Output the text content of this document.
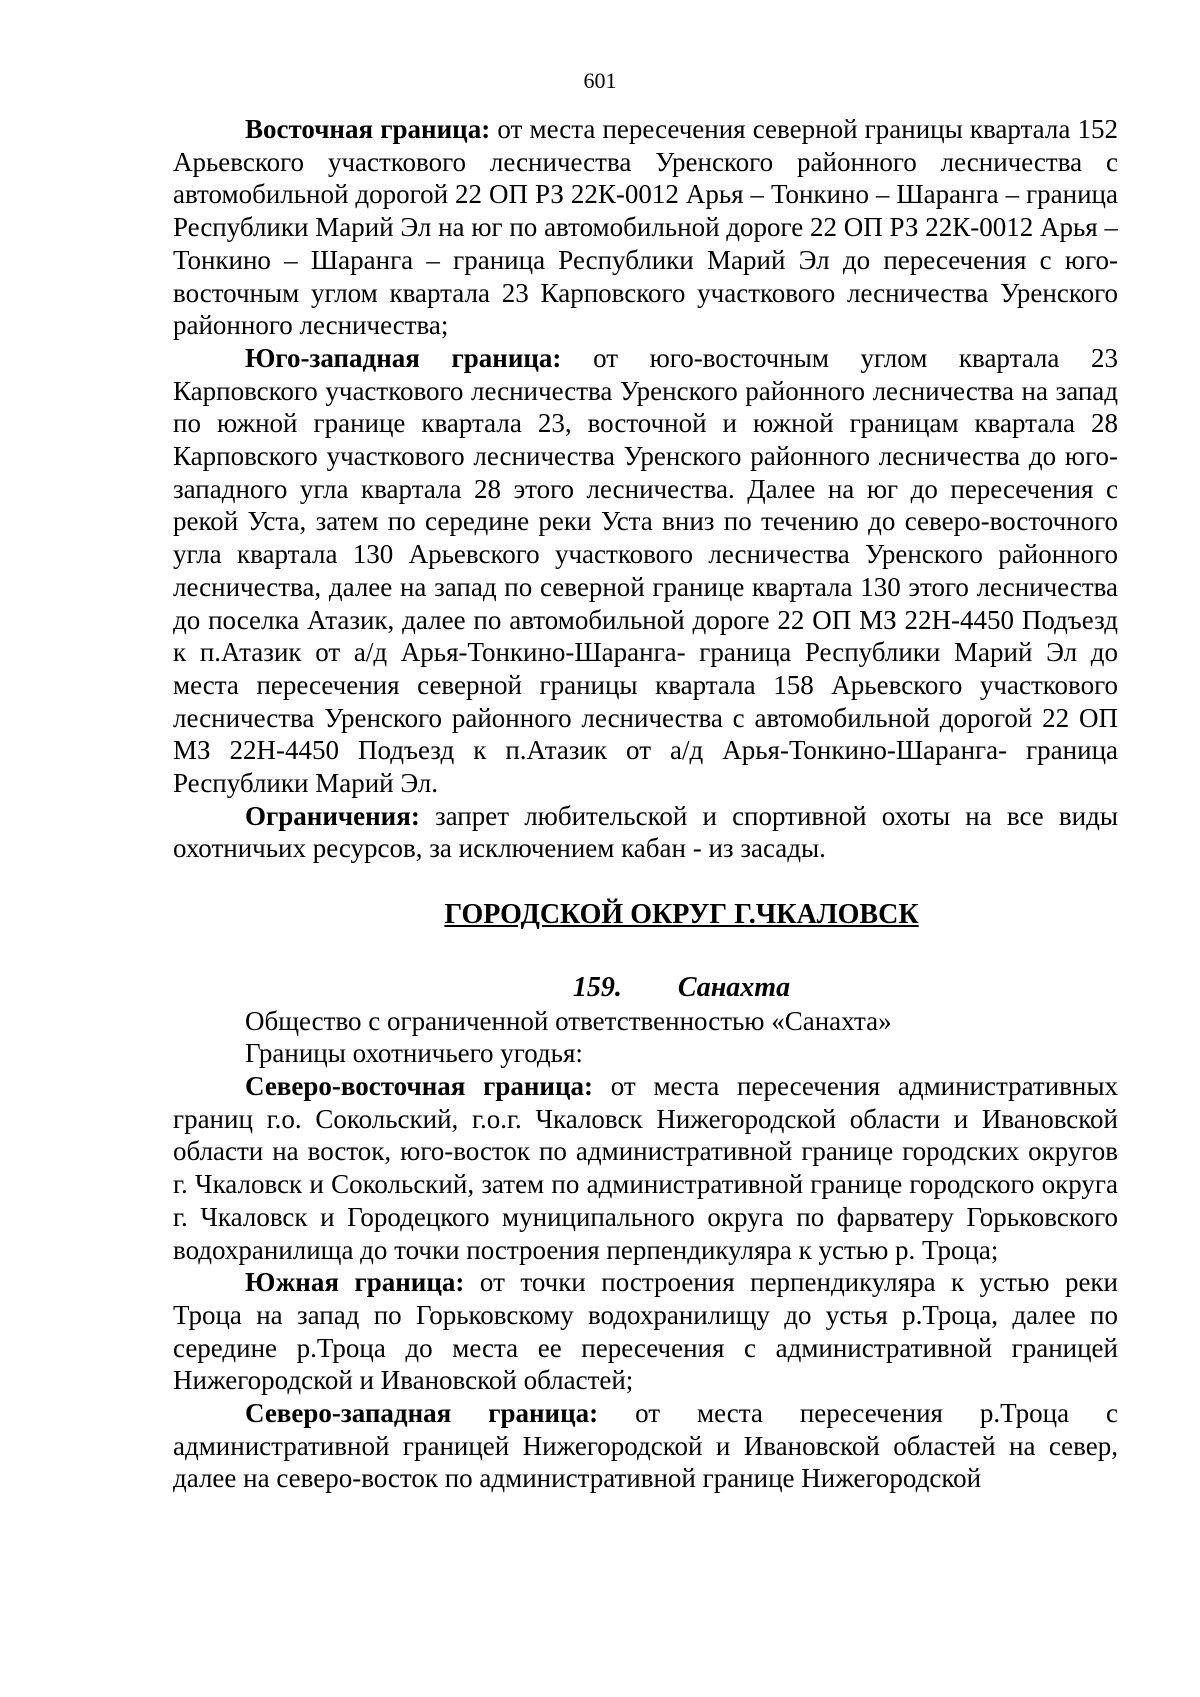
601

Восточная граница: от места пересечения северной границы квартала 152 Арьевского участкового лесничества Уренского районного лесничества с автомобильной дорогой 22 ОП РЗ 22К-0012 Арья – Тонкино – Шаранга – граница Республики Марий Эл на юг по автомобильной дороге 22 ОП РЗ 22К-0012 Арья – Тонкино – Шаранга – граница Республики Марий Эл до пересечения с юго-восточным углом квартала 23 Карповского участкового лесничества Уренского районного лесничества;

Юго-западная граница: от юго-восточным углом квартала 23 Карповского участкового лесничества Уренского районного лесничества на запад по южной границе квартала 23, восточной и южной границам квартала 28 Карповского участкового лесничества Уренского районного лесничества до юго-западного угла квартала 28 этого лесничества. Далее на юг до пересечения с рекой Уста, затем по середине реки Уста вниз по течению до северо-восточного угла квартала 130 Арьевского участкового лесничества Уренского районного лесничества, далее на запад по северной границе квартала 130 этого лесничества до поселка Атазик, далее по автомобильной дороге 22 ОП МЗ 22Н-4450 Подъезд к п.Атазик от а/д Арья-Тонкино-Шаранга- граница Республики Марий Эл до места пересечения северной границы квартала 158 Арьевского участкового лесничества Уренского районного лесничества с автомобильной дорогой 22 ОП МЗ 22Н-4450 Подъезд к п.Атазик от а/д Арья-Тонкино-Шаранга- граница Республики Марий Эл.

Ограничения: запрет любительской и спортивной охоты на все виды охотничьих ресурсов, за исключением кабан - из засады.

ГОРОДСКОЙ ОКРУГ Г.ЧКАЛОВСК

159. Санахта

Общество с ограниченной ответственностью «Санахта»

Границы охотничьего угодья:

Северо-восточная граница: от места пересечения административных границ г.о. Сокольский, г.о.г. Чкаловск Нижегородской области и Ивановской области на восток, юго-восток по административной границе городских округов г. Чкаловск и Сокольский, затем по административной границе городского округа г. Чкаловск и Городецкого муниципального округа по фарватеру Горьковского водохранилища до точки построения перпендикуляра к устью р. Троца;

Южная граница: от точки построения перпендикуляра к устью реки Троца на запад по Горьковскому водохранилищу до устья р.Троца, далее по середине р.Троца до места ее пересечения с административной границей Нижегородской и Ивановской областей;

Северо-западная граница: от места пересечения р.Троца с административной границей Нижегородской и Ивановской областей на север, далее на северо-восток по административной границе Нижегородской
